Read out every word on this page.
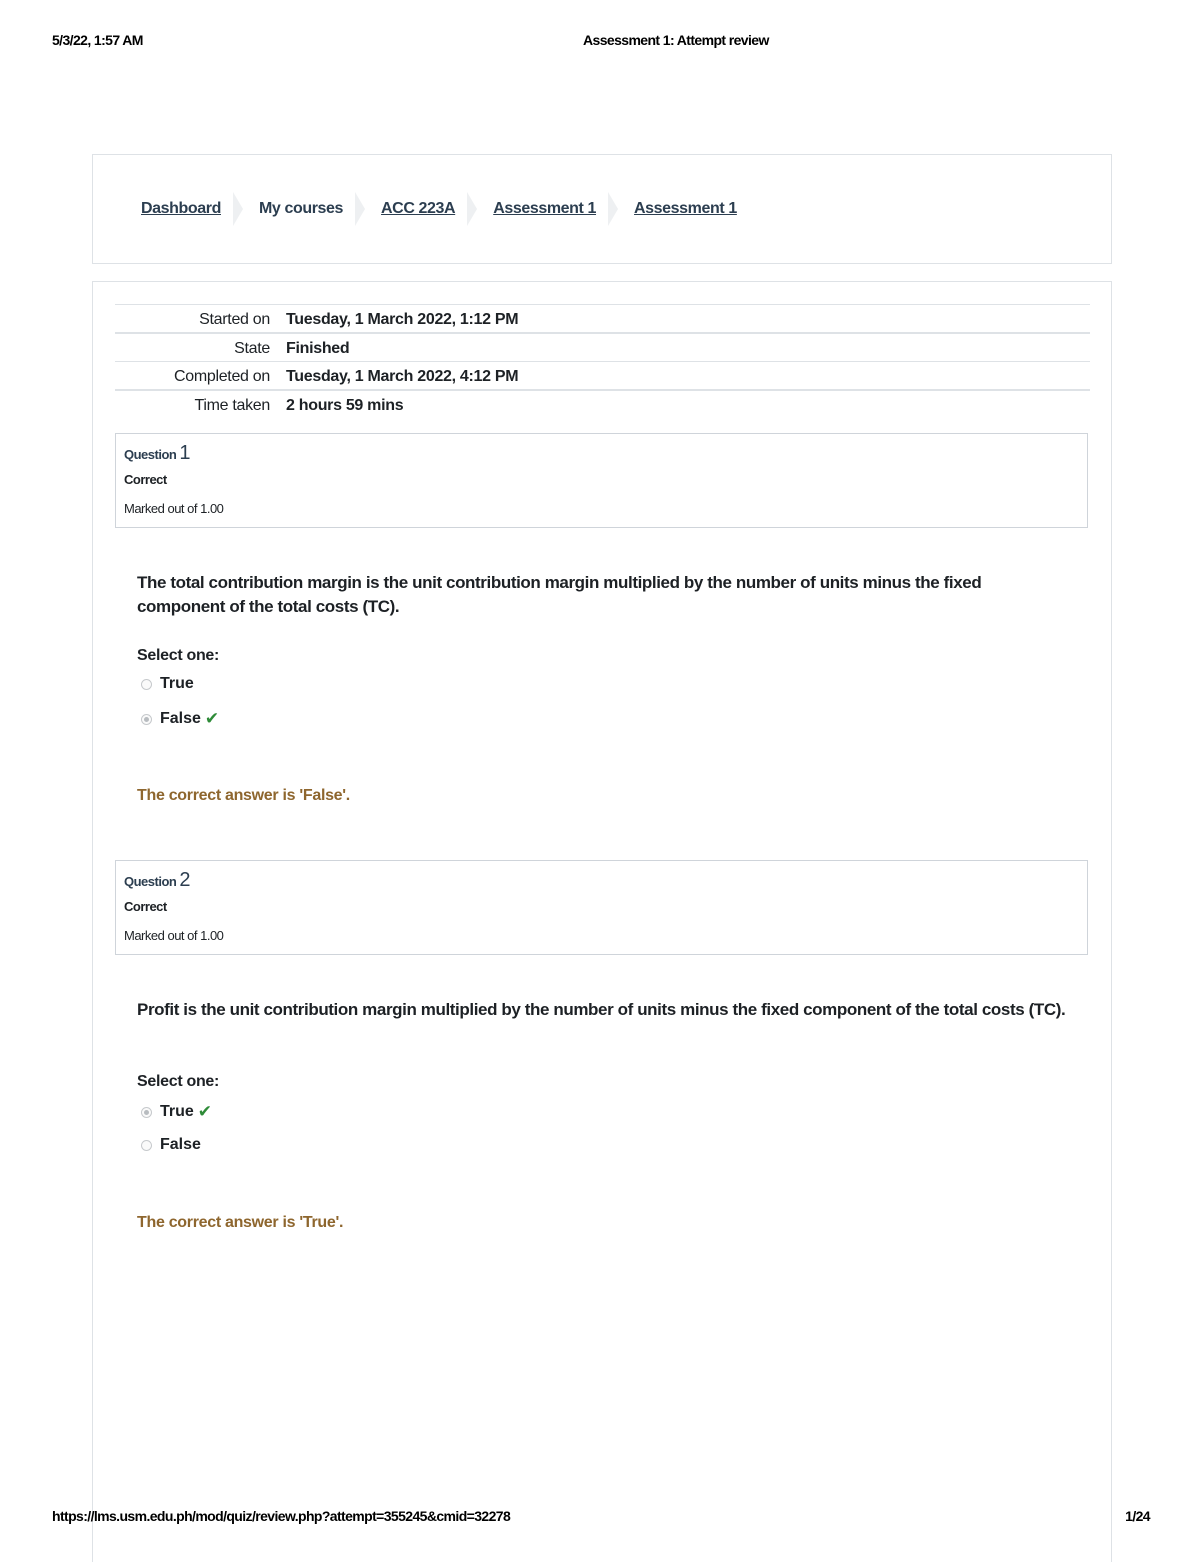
5/3/22, 1:57 AM	Assessment 1: Attempt review
Dashboard My courses ACC 223A Assessment 1 Assessment 1
Started on	Tuesday, 1 March 2022, 1:12 PM
State	Finished
Completed on	Tuesday, 1 March 2022, 4:12 PM
Time taken	2 hours 59 mins
Question 1
Correct
Marked out of 1.00
The total contribution margin is the unit contribution margin multiplied by the number of units minus the fixed component of the total costs (TC).
Select one:
True
False ✔
The correct answer is 'False'.
Question 2
Correct
Marked out of 1.00
Profit is the unit contribution margin multiplied by the number of units minus the fixed component of the total costs (TC).
Select one:
True ✔
False
The correct answer is 'True'.
https://lms.usm.edu.ph/mod/quiz/review.php?attempt=355245&cmid=32278	1/24
